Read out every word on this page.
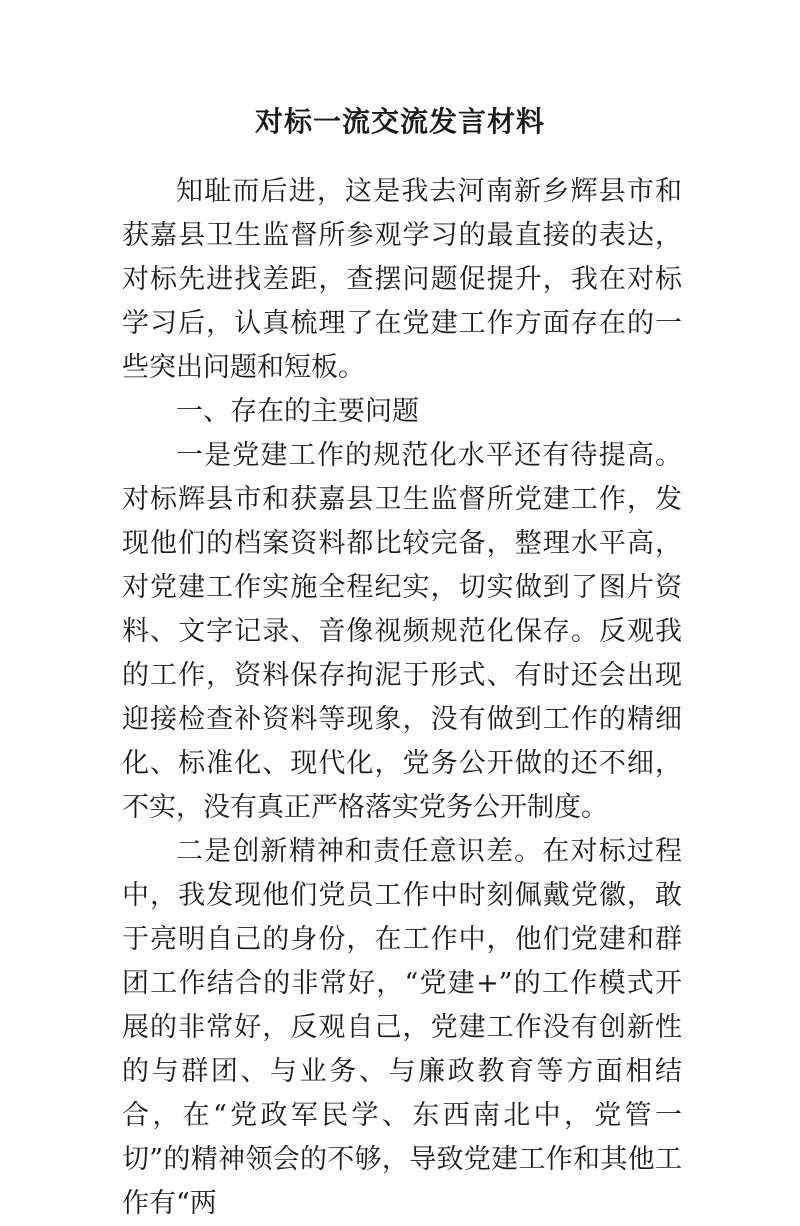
对标一流交流发言材料

知耻而后进，这是我去河南新乡辉县市和获嘉县卫生监督所参观学习的最直接的表达，对标先进找差距，查摆问题促提升，我在对标学习后，认真梳理了在党建工作方面存在的一些突出问题和短板。

一、存在的主要问题

一是党建工作的规范化水平还有待提高。对标辉县市和获嘉县卫生监督所党建工作，发现他们的档案资料都比较完备，整理水平高，对党建工作实施全程纪实，切实做到了图片资料、文字记录、音像视频规范化保存。反观我的工作，资料保存拘泥于形式、有时还会出现迎接检查补资料等现象，没有做到工作的精细化、标准化、现代化，党务公开做的还不细，不实，没有真正严格落实党务公开制度。

二是创新精神和责任意识差。在对标过程中，我发现他们党员工作中时刻佩戴党徽，敢于亮明自己的身份，在工作中，他们党建和群团工作结合的非常好，“党建+”的工作模式开展的非常好，反观自己，党建工作没有创新性的与群团、与业务、与廉政教育等方面相结合，在“党政军民学、东西南北中，党管一切”的精神领会的不够，导致党建工作和其他工作有“两
